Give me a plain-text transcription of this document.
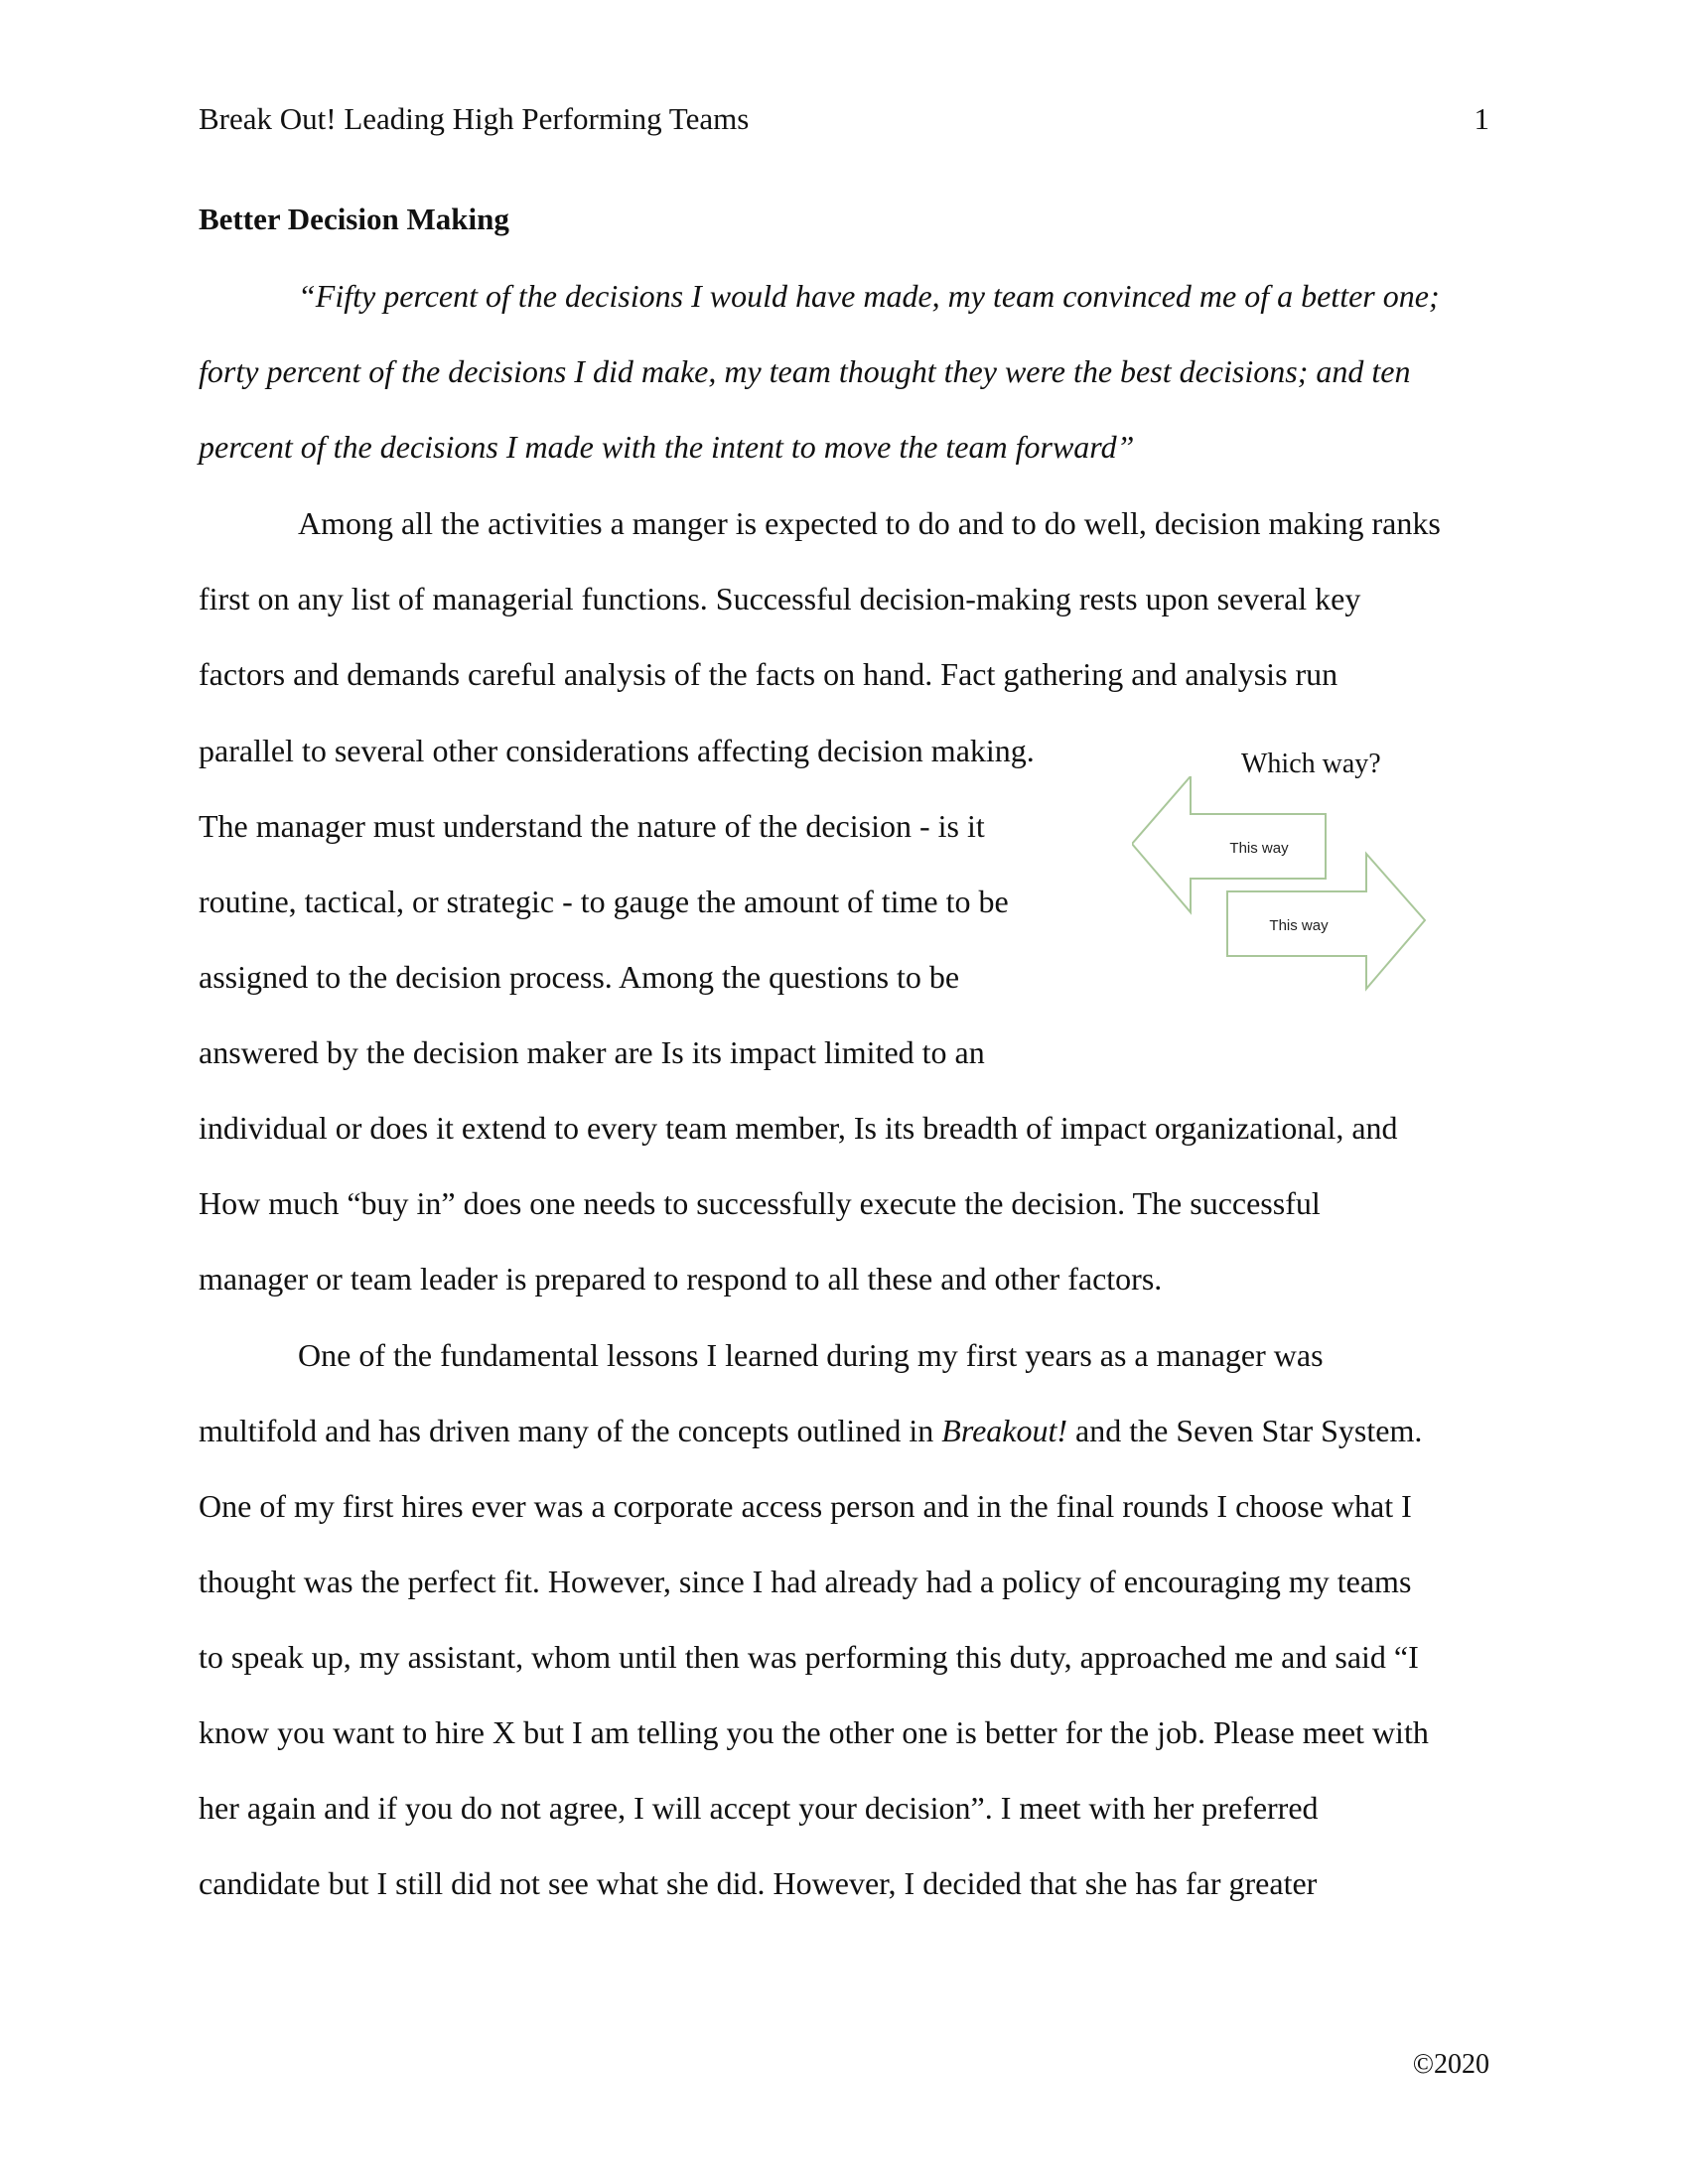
Break Out! Leading High Performing Teams	1
Better Decision Making
“Fifty percent of the decisions I would have made, my team convinced me of a better one;
forty percent of the decisions I did make, my team thought they were the best decisions; and ten
percent of the decisions I made with the intent to move the team forward”
Among all the activities a manger is expected to do and to do well, decision making ranks
first on any list of managerial functions. Successful decision-making rests upon several key
factors and demands careful analysis of the facts on hand. Fact gathering and analysis run
parallel to several other considerations affecting decision making.
The manager must understand the nature of the decision - is it
routine, tactical, or strategic - to gauge the amount of time to be
assigned to the decision process. Among the questions to be
answered by the decision maker are Is its impact limited to an
individual or does it extend to every team member, Is its breadth of impact organizational, and
How much “buy in” does one needs to successfully execute the decision. The successful
manager or team leader is prepared to respond to all these and other factors.
Which way?
This way
This way
One of the fundamental lessons I learned during my first years as a manager was
multifold and has driven many of the concepts outlined in Breakout! and the Seven Star System.
One of my first hires ever was a corporate access person and in the final rounds I choose what I
thought was the perfect fit. However, since I had already had a policy of encouraging my teams
to speak up, my assistant, whom until then was performing this duty, approached me and said “I
know you want to hire X but I am telling you the other one is better for the job. Please meet with
her again and if you do not agree, I will accept your decision”. I meet with her preferred
candidate but I still did not see what she did. However, I decided that she has far greater
©2020
